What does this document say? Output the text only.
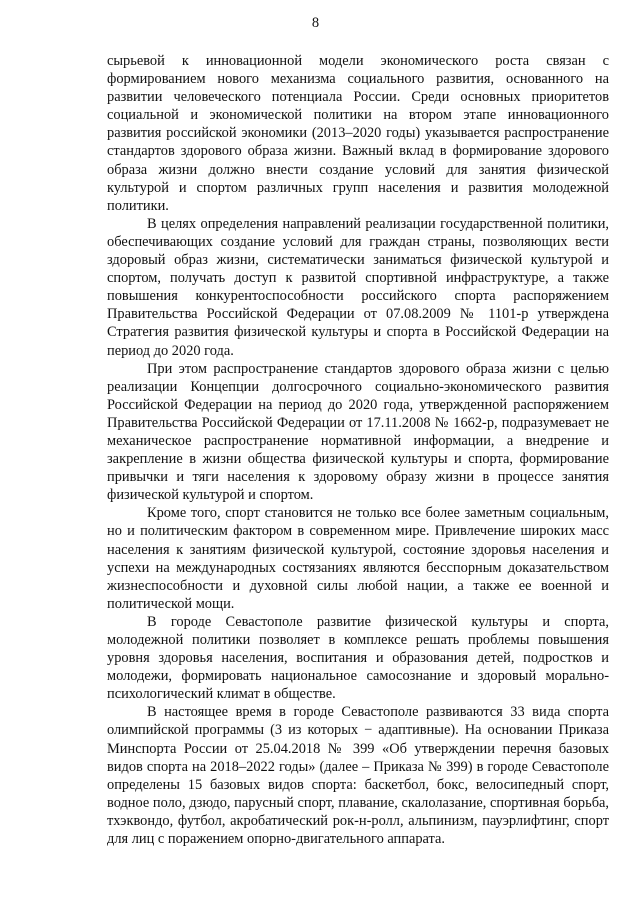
8

сырьевой к инновационной модели экономического роста связан с формированием нового механизма социального развития, основанного на развитии человеческого потенциала России. Среди основных приоритетов социальной и экономической политики на втором этапе инновационного развития российской экономики (2013–2020 годы) указывается распространение стандартов здорового образа жизни. Важный вклад в формирование здорового образа жизни должно внести создание условий для занятия физической культурой и спортом различных групп населения и развития молодежной политики.

В целях определения направлений реализации государственной политики, обеспечивающих создание условий для граждан страны, позволяющих вести здоровый образ жизни, систематически заниматься физической культурой и спортом, получать доступ к развитой спортивной инфраструктуре, а также повышения конкурентоспособности российского спорта распоряжением Правительства Российской Федерации от 07.08.2009 № 1101-р утверждена Стратегия развития физической культуры и спорта в Российской Федерации на период до 2020 года.

При этом распространение стандартов здорового образа жизни с целью реализации Концепции долгосрочного социально-экономического развития Российской Федерации на период до 2020 года, утвержденной распоряжением Правительства Российской Федерации от 17.11.2008 № 1662-р, подразумевает не механическое распространение нормативной информации, а внедрение и закрепление в жизни общества физической культуры и спорта, формирование привычки и тяги населения к здоровому образу жизни в процессе занятия физической культурой и спортом.

Кроме того, спорт становится не только все более заметным социальным, но и политическим фактором в современном мире. Привлечение широких масс населения к занятиям физической культурой, состояние здоровья населения и успехи на международных состязаниях являются бесспорным доказательством жизнеспособности и духовной силы любой нации, а также ее военной и политической мощи.

В городе Севастополе развитие физической культуры и спорта, молодежной политики позволяет в комплексе решать проблемы повышения уровня здоровья населения, воспитания и образования детей, подростков и молодежи, формировать национальное самосознание и здоровый морально-психологический климат в обществе.

В настоящее время в городе Севастополе развиваются 33 вида спорта олимпийской программы (3 из которых − адаптивные). На основании Приказа Минспорта России от 25.04.2018 № 399 «Об утверждении перечня базовых видов спорта на 2018–2022 годы» (далее – Приказа № 399) в городе Севастополе определены 15 базовых видов спорта: баскетбол, бокс, велосипедный спорт, водное поло, дзюдо, парусный спорт, плавание, скалолазание, спортивная борьба, тхэквондо, футбол, акробатический рок-н-ролл, альпинизм, пауэрлифтинг, спорт для лиц с поражением опорно-двигательного аппарата.
